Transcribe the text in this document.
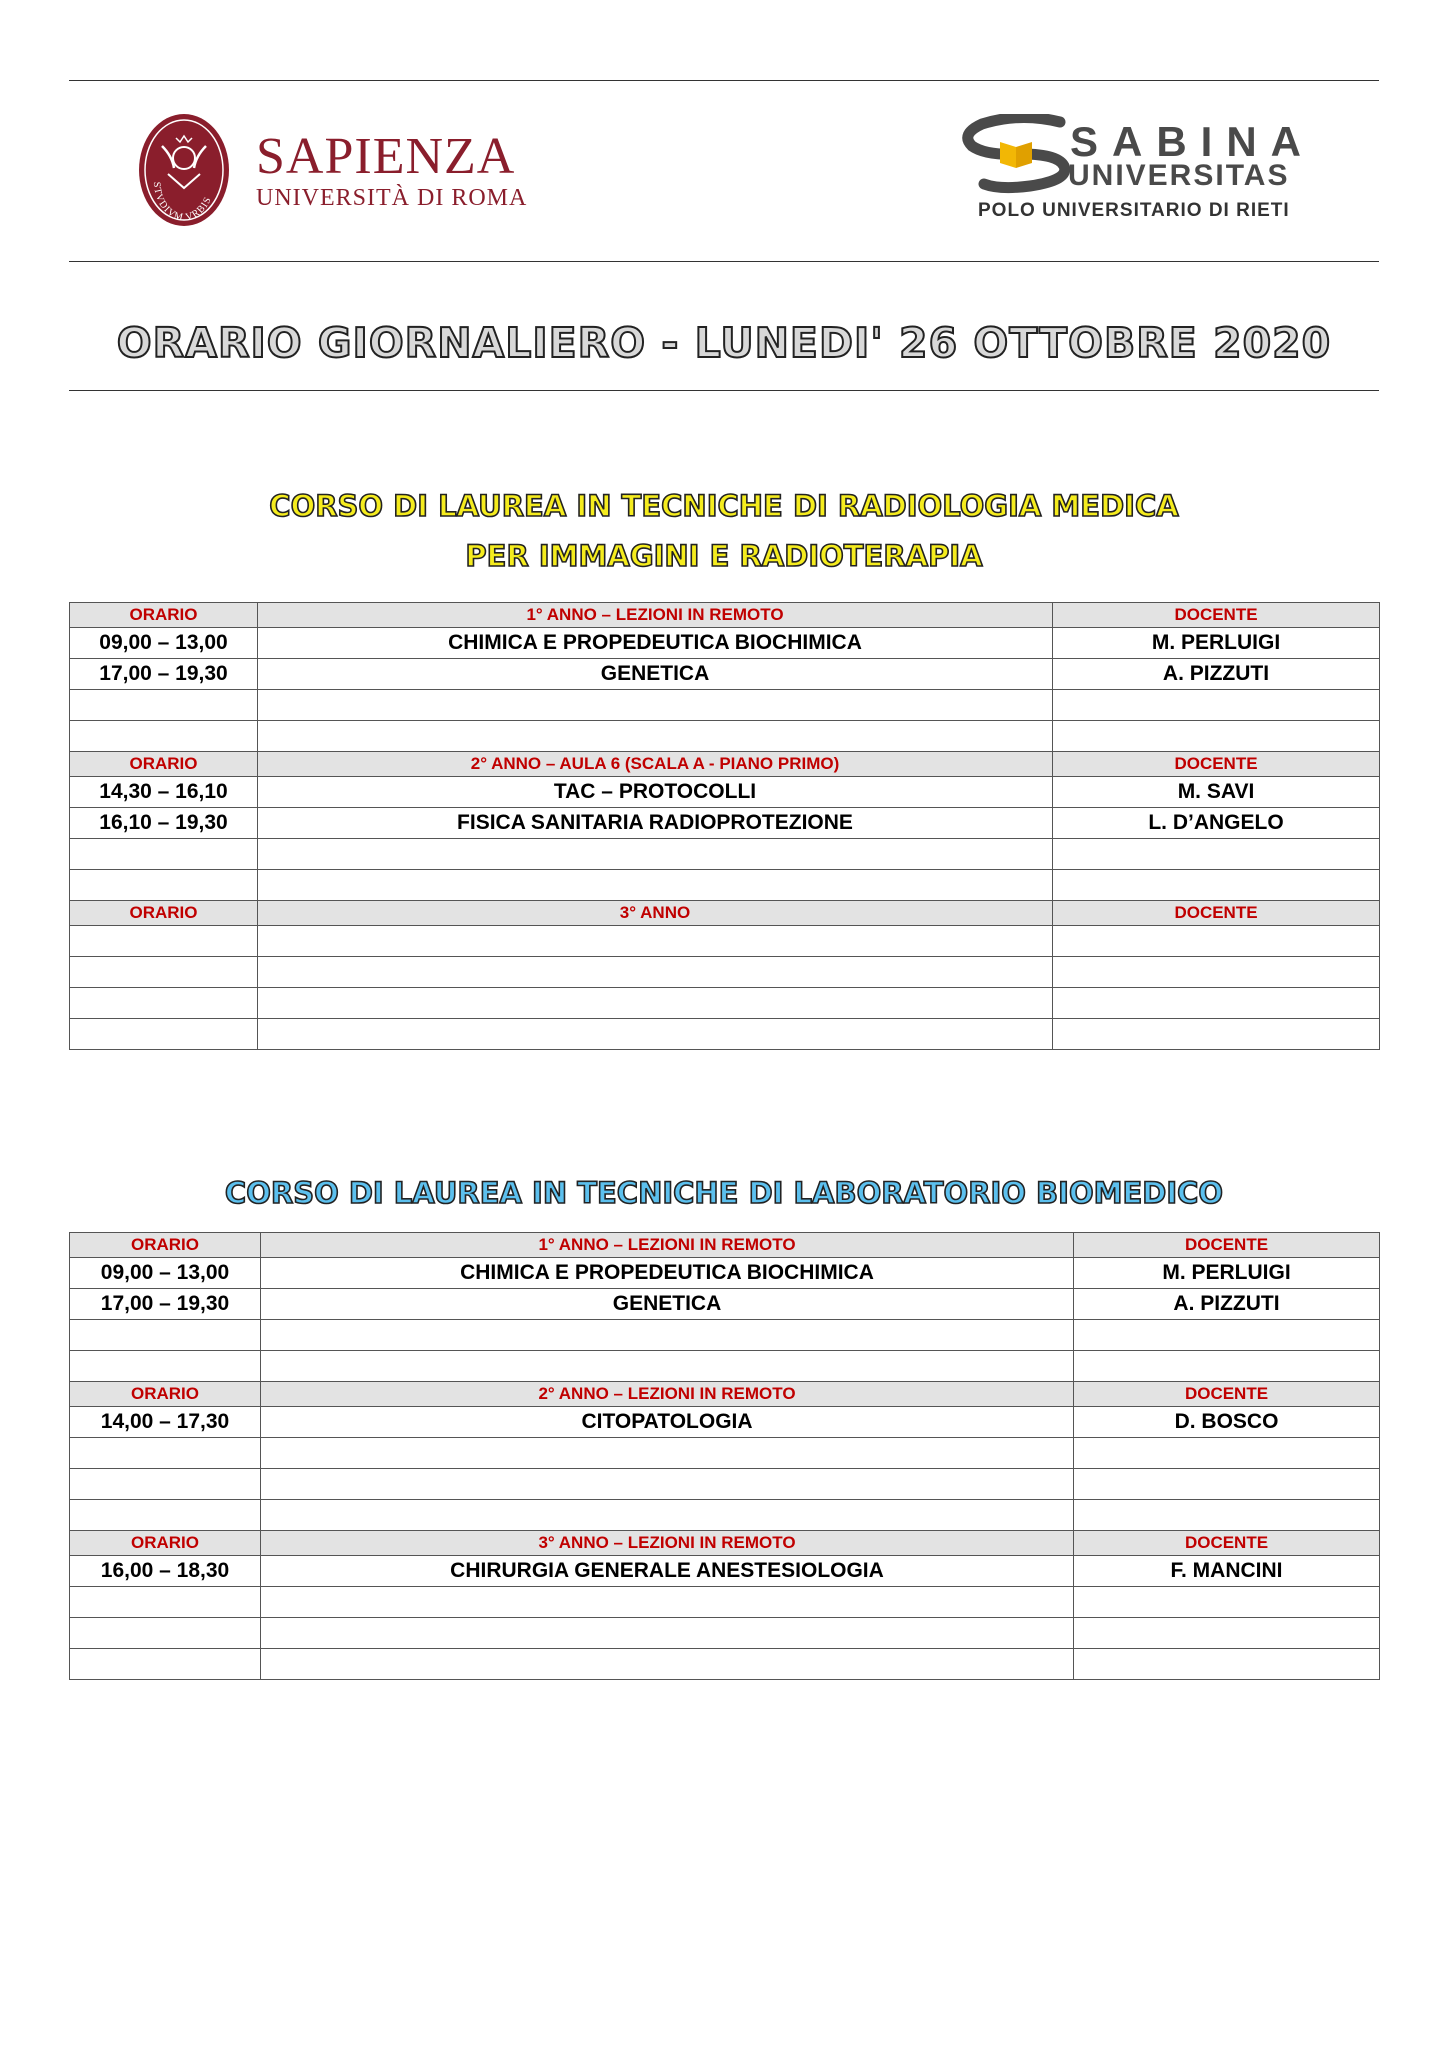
STVDIVM VRBIS
SAPIENZA
UNIVERSITÀ DI ROMA
SABINA
UNIVERSITAS
POLO UNIVERSITARIO DI RIETI
ORARIO GIORNALIERO - LUNEDI' 26 OTTOBRE 2020
CORSO DI LAUREA IN TECNICHE DI RADIOLOGIA MEDICA
PER IMMAGINI E RADIOTERAPIA
ORARIO	1° ANNO – LEZIONI IN REMOTO	DOCENTE
09,00 – 13,00	CHIMICA E PROPEDEUTICA BIOCHIMICA	M. PERLUIGI
17,00 – 19,30	GENETICA	A. PIZZUTI

ORARIO	2° ANNO – AULA 6 (SCALA A - PIANO PRIMO)	DOCENTE
14,30 – 16,10	TAC – PROTOCOLLI	M. SAVI
16,10 – 19,30	FISICA SANITARIA RADIOPROTEZIONE	L. D’ANGELO

ORARIO	3° ANNO	DOCENTE

CORSO DI LAUREA IN TECNICHE DI LABORATORIO BIOMEDICO
ORARIO	1° ANNO – LEZIONI IN REMOTO	DOCENTE
09,00 – 13,00	CHIMICA E PROPEDEUTICA BIOCHIMICA	M. PERLUIGI
17,00 – 19,30	GENETICA	A. PIZZUTI

ORARIO	2° ANNO – LEZIONI IN REMOTO	DOCENTE
14,00 – 17,30	CITOPATOLOGIA	D. BOSCO

ORARIO	3° ANNO – LEZIONI IN REMOTO	DOCENTE
16,00 – 18,30	CHIRURGIA GENERALE ANESTESIOLOGIA	F. MANCINI
